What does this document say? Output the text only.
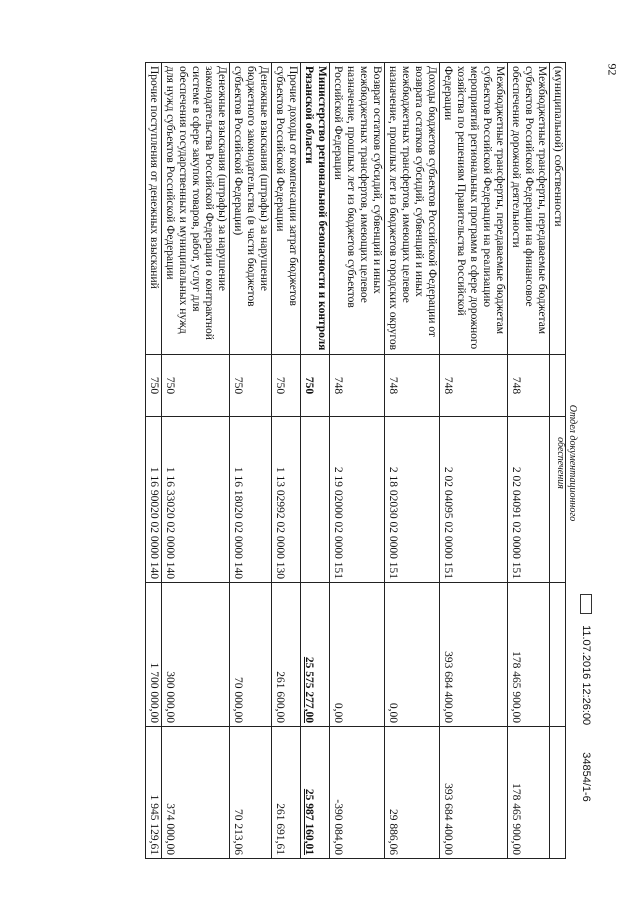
92
(муниципальной) собственности				
Межбюджетные трансферты, передаваемые бюджетам субъектов Российской Федерации на финансовое обеспечение дорожной деятельности	748	2 02 04091 02 0000 151	178 465 900,00	178 465 900,00
Межбюджетные трансферты, передаваемые бюджетам субъектов Российской Федерации на реализацию мероприятий региональных программ в сфере дорожного хозяйства по решениям Правительства Российской Федерации	748	2 02 04095 02 0000 151	393 684 400,00	393 684 400,00
Доходы бюджетов субъектов Российской Федерации от возврата остатков субсидий, субвенций и иных межбюджетных трансфертов, имеющих целевое назначение, прошлых лет из бюджетов городских округов	748	2 18 02030 02 0000 151	0,00	29 886,06
Возврат остатков субсидий, субвенций и иных межбюджетных трансфертов, имеющих целевое назначение, прошлых лет из бюджетов субъектов Российской Федерации	748	2 19 02000 02 0000 151	0,00	-390 084,00
Министерство региональной безопасности и контроля Рязанской области	750		25 575 277,00	25 987 160,01
Прочие доходы от компенсации затрат бюджетов субъектов Российской Федерации	750	1 13 02992 02 0000 130	261 600,00	261 691,61
Денежные взыскания (штрафы) за нарушение бюджетного законодательства (в части бюджетов субъектов Российской Федерации)	750	1 16 18020 02 0000 140	70 000,00	70 213,06
Денежные взыскания (штрафы) за нарушение законодательства Российской Федерации о контрактной системе в сфере закупок товаров, работ, услуг для обеспечения государственных и муниципальных нужд для нужд субъектов Российской Федерации	750	1 16 33020 02 0000 140	300 000,00	374 000,00
Прочие поступления от денежных взысканий	750	1 16 90020 02 0000 140	1 700 000,00	1 945 129,61
Отдел документационного
обеспечения
11.07.2016 12:26:00 34854/1-6
